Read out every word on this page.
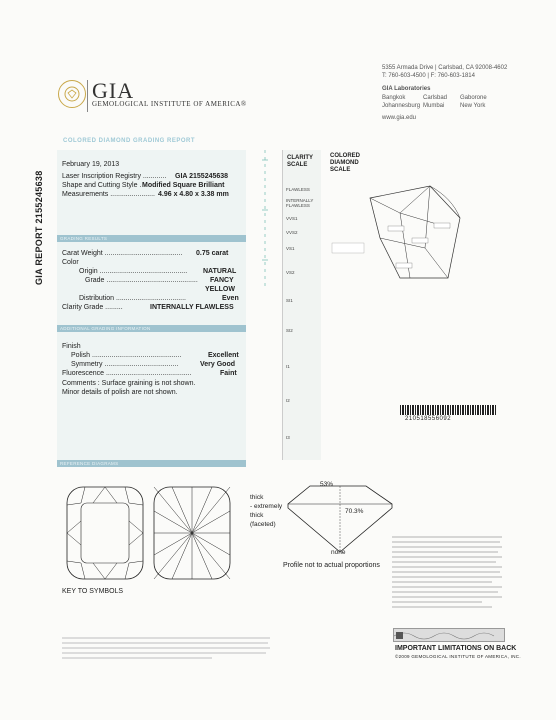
GIA
GEMOLOGICAL INSTITUTE OF AMERICA®
5355 Armada Drive | Carlsbad, CA 92008-4602
T: 760-603-4500 | F: 760-603-1814
GIA Laboratories
Bangkok	Carlsbad Gaborone
Johannesburg Mumbai	New York
www.gia.edu
COLORED DIAMOND GRADING REPORT
GIA REPORT 2155245638
February 19, 2013
Laser Inscription Registry ............ GIA 2155245638
Shape and Cutting Style . Modified Square Brilliant
Measurements ....................... 4.96 x 4.80 x 3.38 mm
GRADING RESULTS
Carat Weight ........................................ 0.75 carat
Color
Origin ............................................. NATURAL
Grade ............................................... FANCY
YELLOW
Distribution ....................................	Even
Clarity Grade .........	INTERNALLY FLAWLESS
ADDITIONAL GRADING INFORMATION
Finish
Polish ..............................................	Excellent
Symmetry ......................................	Very Good
Fluorescence ............................................	Faint
Comments : Surface graining is not shown.
Minor details of polish are not shown.
REFERENCE DIAGRAMS
53%
70.3%
thick
- extremely
thick
(faceted)
none
Profile not to actual proportions
KEY TO SYMBOLS
CLARITY
SCALE
FLAWLESS
INTERNALLY FLAWLESS
VVS1
VVS2
VS1
VS2
SI1
SI2
I1
I2
I3
COLORED
DIAMOND
SCALE
210518556092
IMPORTANT LIMITATIONS ON BACK
©2009 GEMOLOGICAL INSTITUTE OF AMERICA, INC.
